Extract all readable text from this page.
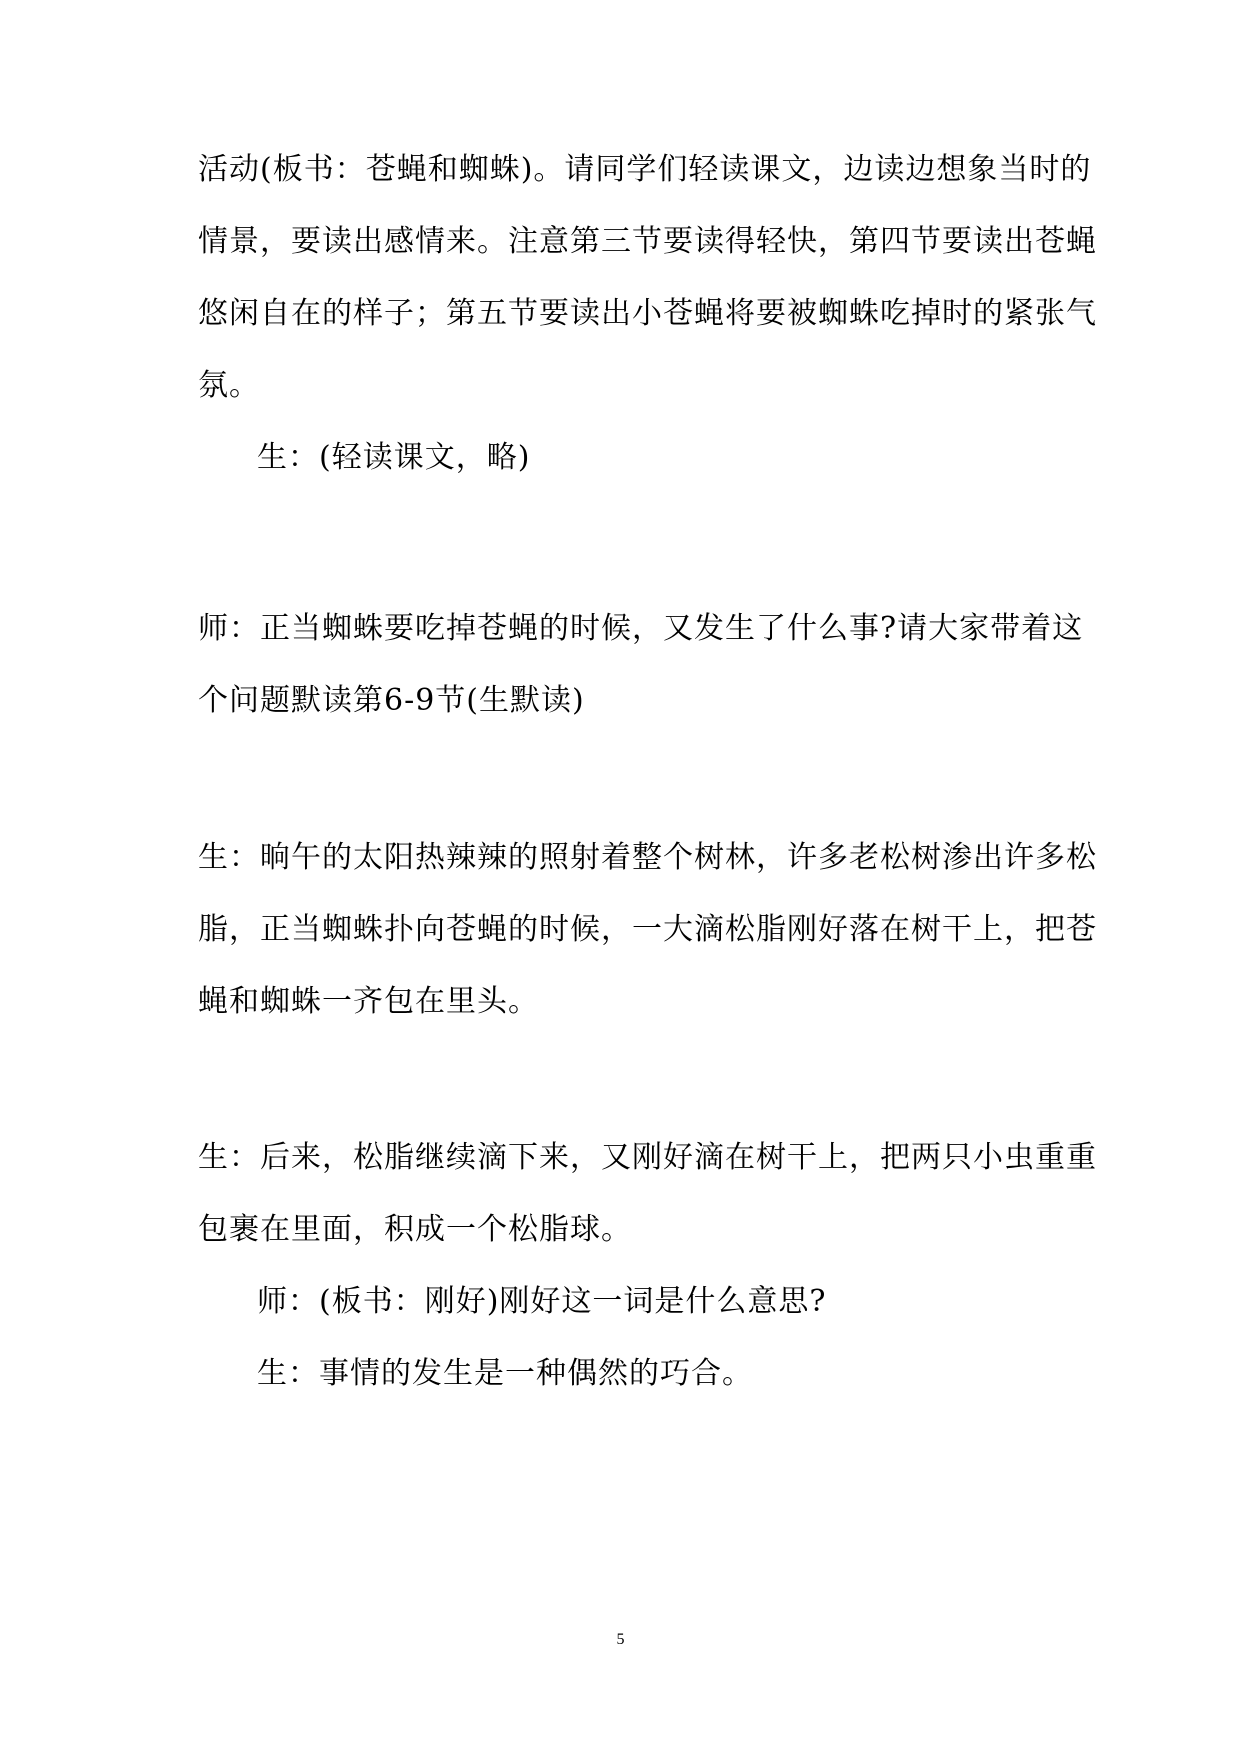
活动(板书：苍蝇和蜘蛛)。请同学们轻读课文，边读边想象当时的
情景，要读出感情来。注意第三节要读得轻快，第四节要读出苍蝇
悠闲自在的样子；第五节要读出小苍蝇将要被蜘蛛吃掉时的紧张气
氛。
生：(轻读课文，略)
师：正当蜘蛛要吃掉苍蝇的时候，又发生了什么事?请大家带着这
个问题默读第6-9节(生默读)
生：晌午的太阳热辣辣的照射着整个树林，许多老松树渗出许多松
脂，正当蜘蛛扑向苍蝇的时候，一大滴松脂刚好落在树干上，把苍
蝇和蜘蛛一齐包在里头。
生：后来，松脂继续滴下来，又刚好滴在树干上，把两只小虫重重
包裹在里面，积成一个松脂球。
师：(板书：刚好)刚好这一词是什么意思?
生：事情的发生是一种偶然的巧合。
5
